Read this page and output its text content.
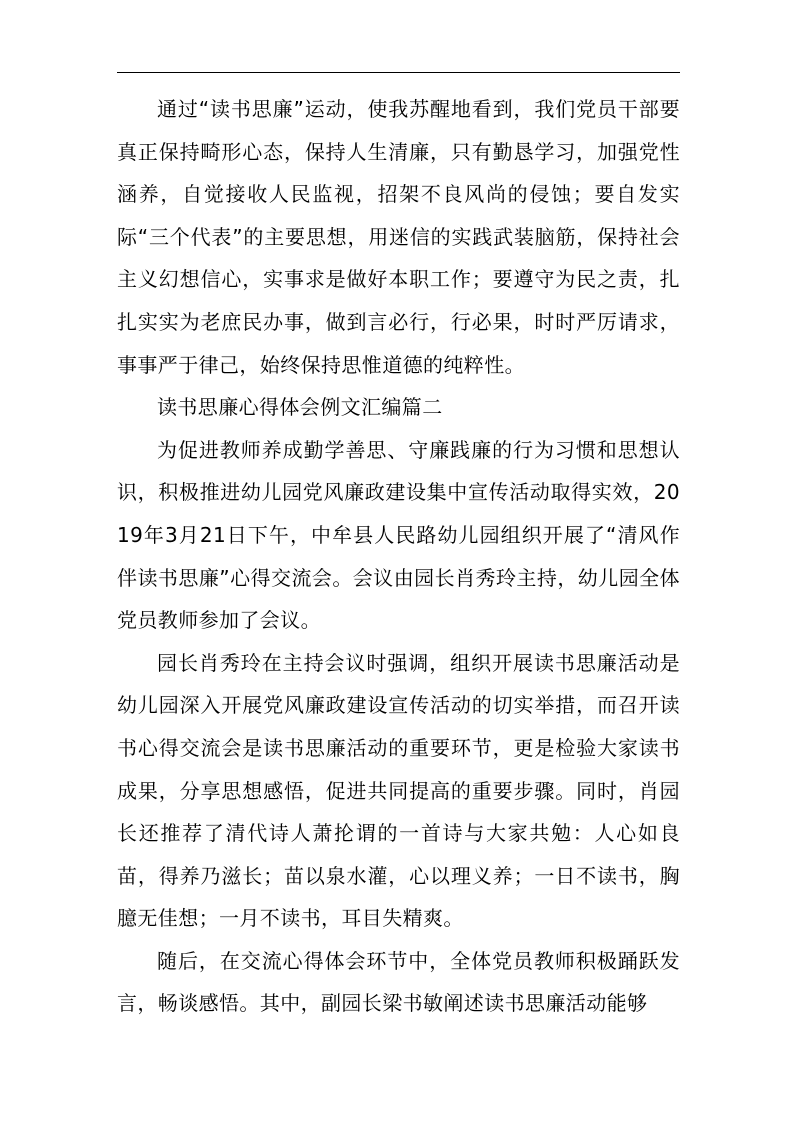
通过“读书思廉”运动，使我苏醒地看到，我们党员干部要真正保持畸形心态，保持人生清廉，只有勤恳学习，加强党性涵养，自觉接收人民监视，招架不良风尚的侵蚀；要自发实际“三个代表”的主要思想，用迷信的实践武装脑筋，保持社会主义幻想信心，实事求是做好本职工作；要遵守为民之责，扎扎实实为老庶民办事，做到言必行，行必果，时时严厉请求，事事严于律己，始终保持思惟道德的纯粹性。

读书思廉心得体会例文汇编篇二

为促进教师养成勤学善思、守廉践廉的行为习惯和思想认识，积极推进幼儿园党风廉政建设集中宣传活动取得实效，2019年3月21日下午，中牟县人民路幼儿园组织开展了“清风作伴读书思廉”心得交流会。会议由园长肖秀玲主持，幼儿园全体党员教师参加了会议。

园长肖秀玲在主持会议时强调，组织开展读书思廉活动是幼儿园深入开展党风廉政建设宣传活动的切实举措，而召开读书心得交流会是读书思廉活动的重要环节，更是检验大家读书成果，分享思想感悟，促进共同提高的重要步骤。同时，肖园长还推荐了清代诗人萧抡谓的一首诗与大家共勉：人心如良苗，得养乃滋长；苗以泉水灌，心以理义养；一日不读书，胸臆无佳想；一月不读书，耳目失精爽。

随后，在交流心得体会环节中，全体党员教师积极踊跃发言，畅谈感悟。其中，副园长梁书敏阐述读书思廉活动能够
